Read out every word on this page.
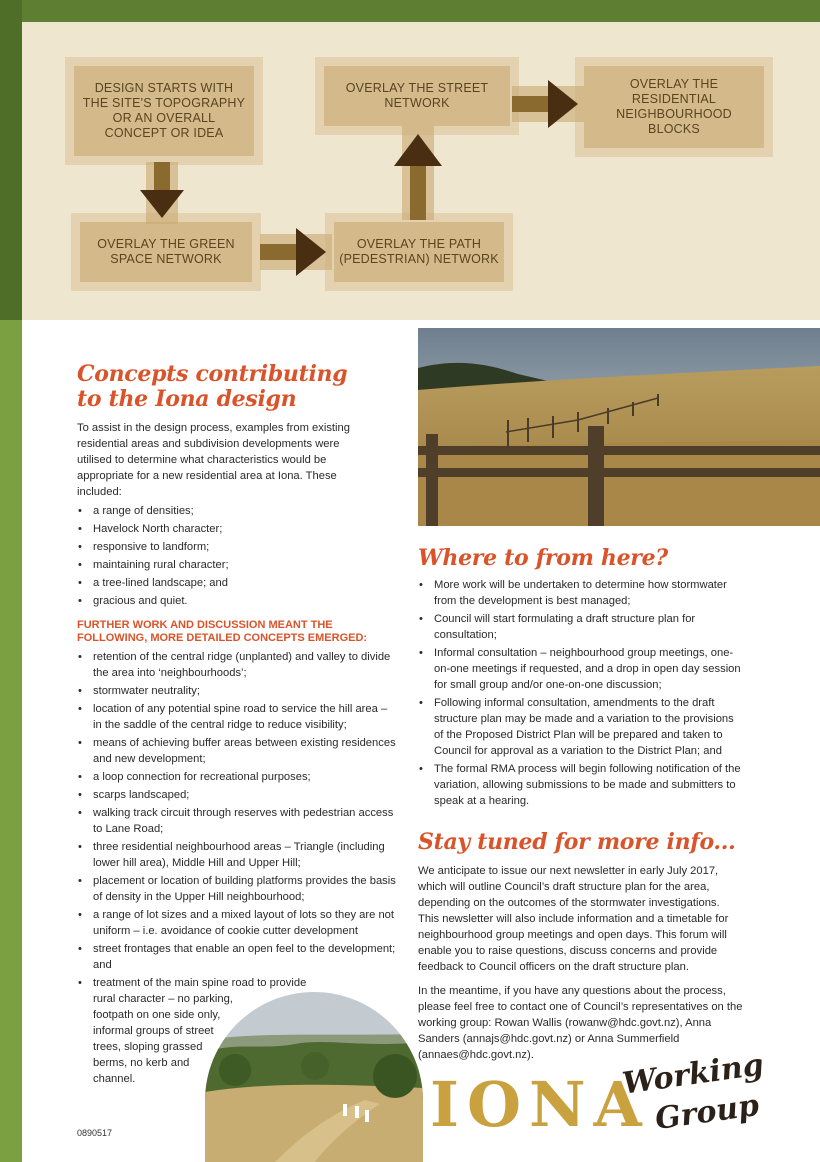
DESIGN STARTS WITH
THE SITE'S TOPOGRAPHY
OR AN OVERALL
CONCEPT OR IDEA
OVERLAY THE GREEN
SPACE NETWORK
OVERLAY THE PATH
(PEDESTRIAN) NETWORK
OVERLAY THE STREET
NETWORK
OVERLAY THE
RESIDENTIAL
NEIGHBOURHOOD
BLOCKS
Concepts contributing
to the Iona design

To assist in the design process, examples from existing residential areas and subdivision developments were utilised to determine what characteristics would be appropriate for a new residential area at Iona. These included:

• a range of densities;
• Havelock North character;
• responsive to landform;
• maintaining rural character;
• a tree-lined landscape; and
• gracious and quiet.

FURTHER WORK AND DISCUSSION MEANT THE FOLLOWING, MORE DETAILED CONCEPTS EMERGED:

• retention of the central ridge (unplanted) and valley to divide the area into ‘neighbourhoods’;
• stormwater neutrality;
• location of any potential spine road to service the hill area – in the saddle of the central ridge to reduce visibility;
• means of achieving buffer areas between existing residences and new development;
• a loop connection for recreational purposes;
• scarps landscaped;
• walking track circuit through reserves with pedestrian access to Lane Road;
• three residential neighbourhood areas – Triangle (including lower hill area), Middle Hill and Upper Hill;
• placement or location of building platforms provides the basis of density in the Upper Hill neighbourhood;
• a range of lot sizes and a mixed layout of lots so they are not uniform – i.e. avoidance of cookie cutter development
• street frontages that enable an open feel to the development; and
• treatment of the main spine road to provide
rural character – no parking,
footpath on one side only,
informal groups of street
trees, sloping grassed
berms, no kerb and
channel.
Where to from here?
• More work will be undertaken to determine how stormwater from the development is best managed;
• Council will start formulating a draft structure plan for consultation;
• Informal consultation – neighbourhood group meetings, one-on-one meetings if requested, and a drop in open day session for small group and/or one-on-one discussion;
• Following informal consultation, amendments to the draft structure plan may be made and a variation to the provisions of the Proposed District Plan will be prepared and taken to Council for approval as a variation to the District Plan; and
• The formal RMA process will begin following notification of the variation, allowing submissions to be made and submitters to speak at a hearing.
Stay tuned for more info...

We anticipate to issue our next newsletter in early July 2017, which will outline Council’s draft structure plan for the area, depending on the outcomes of the stormwater investigations. This newsletter will also include information and a timetable for neighbourhood group meetings and open days. This forum will enable you to raise questions, discuss concerns and provide feedback to Council officers on the draft structure plan.

In the meantime, if you have any questions about the process, please feel free to contact one of Council’s representatives on the working group: Rowan Wallis (rowanw@hdc.govt.nz), Anna Sanders (annajs@hdc.govt.nz) or Anna Summerfield (annaes@hdc.govt.nz).

0890517	IONA
Working
Group
